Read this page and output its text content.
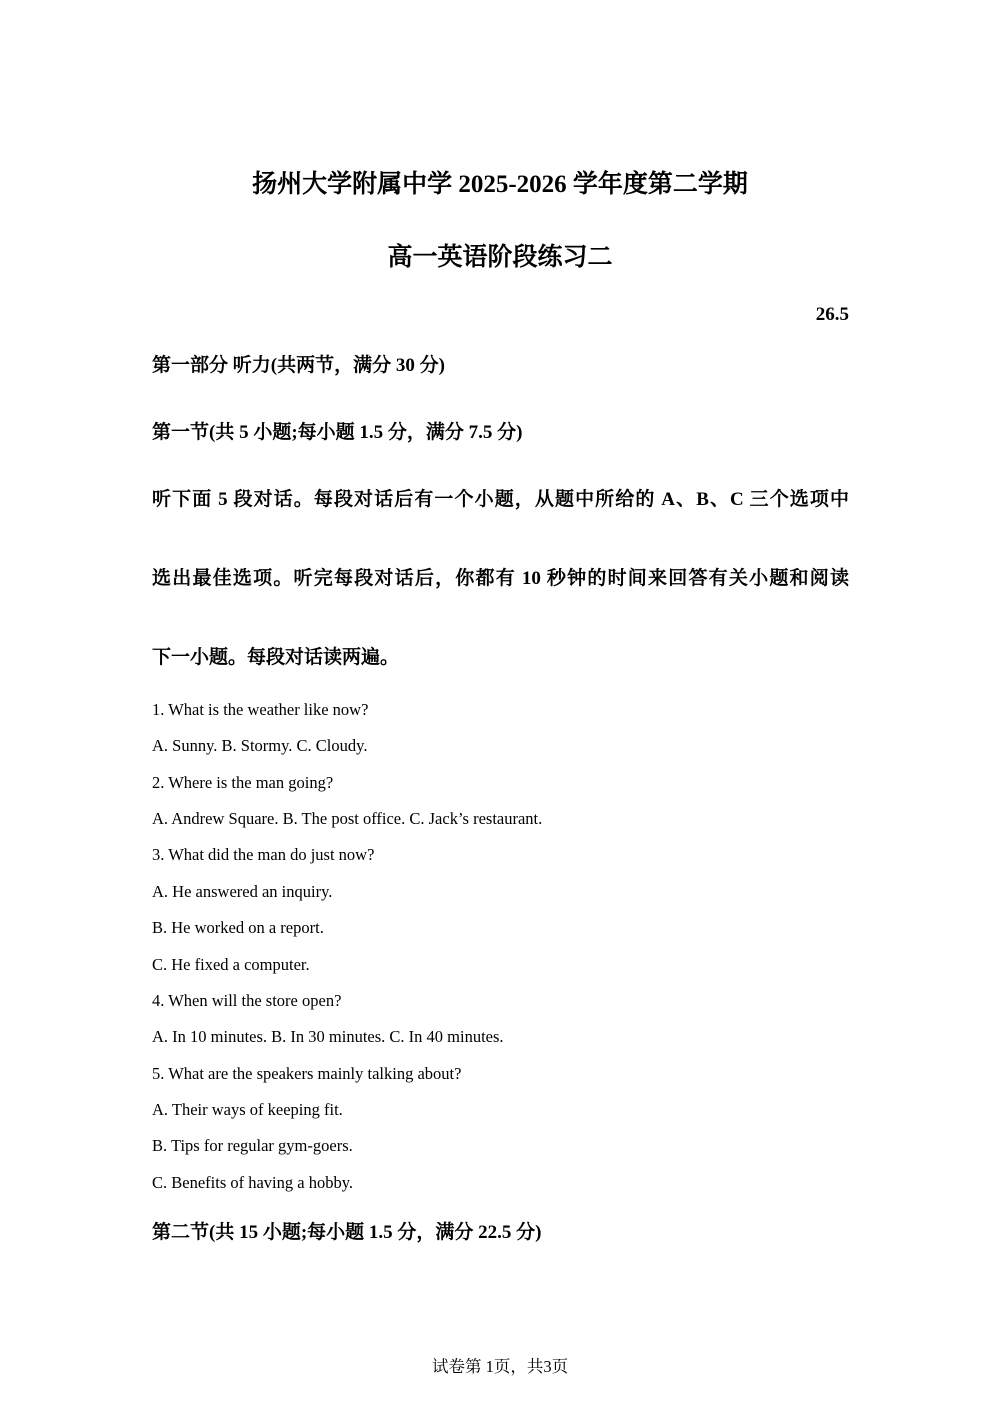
扬州大学附属中学 2025-2026 学年度第二学期
高一英语阶段练习二
26.5
第一部分 听力(共两节，满分 30 分)
第一节(共 5 小题;每小题 1.5 分，满分 7.5 分)
听下面 5 段对话。每段对话后有一个小题，从题中所给的 A、B、C 三个选项中
选出最佳选项。听完每段对话后，你都有 10 秒钟的时间来回答有关小题和阅读
下一小题。每段对话读两遍。
1. What is the weather like now?
A. Sunny. B. Stormy. C. Cloudy.
2. Where is the man going?
A. Andrew Square. B. The post office. C. Jack’s restaurant.
3. What did the man do just now?
A. He answered an inquiry.
B. He worked on a report.
C. He fixed a computer.
4. When will the store open?
A. In 10 minutes. B. In 30 minutes. C. In 40 minutes.
5. What are the speakers mainly talking about?
A. Their ways of keeping fit.
B. Tips for regular gym-goers.
C. Benefits of having a hobby.
第二节(共 15 小题;每小题 1.5 分，满分 22.5 分)
试卷第 1页，共3页
